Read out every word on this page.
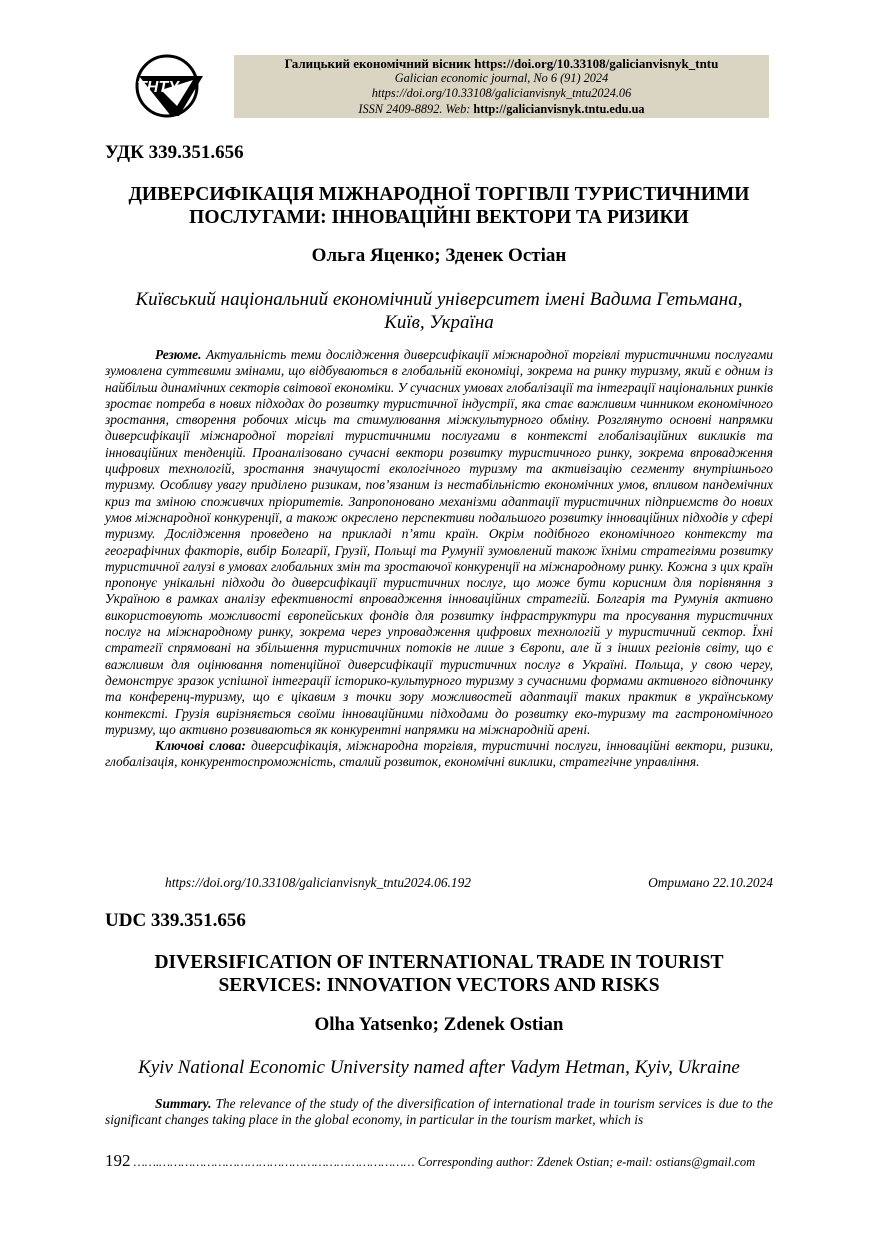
ТНТУ
Галицький економічний вісник https://doi.org/10.33108/galicianvisnyk_tntu
Galician economic journal, No 6 (91) 2024
https://doi.org/10.33108/galicianvisnyk_tntu2024.06
ISSN 2409-8892. Web: http://galicianvisnyk.tntu.edu.ua
УДК 339.351.656
ДИВЕРСИФІКАЦІЯ МІЖНАРОДНОЇ ТОРГІВЛІ ТУРИСТИЧНИМИ
ПОСЛУГАМИ: ІННОВАЦІЙНІ ВЕКТОРИ ТА РИЗИКИ
Ольга Яценко; Зденек Остіан
Київський національний економічний університет імені Вадима Гетьмана,
Київ, Україна

Резюме. Актуальність теми дослідження диверсифікації міжнародної торгівлі туристичними послугами зумовлена суттєвими змінами, що відбуваються в глобальній економіці, зокрема на ринку туризму, який є одним із найбільш динамічних секторів світової економіки. У сучасних умовах глобалізації та інтеграції національних ринків зростає потреба в нових підходах до розвитку туристичної індустрії, яка стає важливим чинником економічного зростання, створення робочих місць та стимулювання міжкультурного обміну. Розглянуто основні напрямки диверсифікації міжнародної торгівлі туристичними послугами в контексті глобалізаційних викликів та інноваційних тенденцій. Проаналізовано сучасні вектори розвитку туристичного ринку, зокрема впровадження цифрових технологій, зростання значущості екологічного туризму та активізацію сегменту внутрішнього туризму. Особливу увагу приділено ризикам, пов’язаним із нестабільністю економічних умов, впливом пандемічних криз та зміною споживчих пріоритетів. Запропоновано механізми адаптації туристичних підприємств до нових умов міжнародної конкуренції, а також окреслено перспективи подальшого розвитку інноваційних підходів у сфері туризму. Дослідження проведено на прикладі п’яти країн. Окрім подібного економічного контексту та географічних факторів, вибір Болгарії, Грузії, Польщі та Румунії зумовлений також їхніми стратегіями розвитку туристичної галузі в умовах глобальних змін та зростаючої конкуренції на міжнародному ринку. Кожна з цих країн пропонує унікальні підходи до диверсифікації туристичних послуг, що може бути корисним для порівняння з Україною в рамках аналізу ефективності впровадження інноваційних стратегій. Болгарія та Румунія активно використовують можливості європейських фондів для розвитку інфраструктури та просування туристичних послуг на міжнародному ринку, зокрема через упровадження цифрових технологій у туристичний сектор. Їхні стратегії спрямовані на збільшення туристичних потоків не лише з Європи, але й з інших регіонів світу, що є важливим для оцінювання потенційної диверсифікації туристичних послуг в Україні. Польща, у свою чергу, демонструє зразок успішної інтеграції історико-культурного туризму з сучасними формами активного відпочинку та конференц-туризму, що є цікавим з точки зору можливостей адаптації таких практик в українському контексті. Грузія вирізняється своїми інноваційними підходами до розвитку еко-туризму та гастрономічного туризму, що активно розвиваються як конкурентні напрямки на міжнародній арені.

Ключові слова: диверсифікація, міжнародна торгівля, туристичні послуги, інноваційні вектори, ризики, глобалізація, конкурентоспроможність, сталий розвиток, економічні виклики, стратегічне управління.

https://doi.org/10.33108/galicianvisnyk_tntu2024.06.192	Отримано 22.10.2024
UDC 339.351.656
DIVERSIFICATION OF INTERNATIONAL TRADE IN TOURIST
SERVICES: INNOVATION VECTORS AND RISKS
Olha Yatsenko; Zdenek Ostian
Kyiv National Economic University named after Vadym Hetman, Kyiv, Ukraine

Summary. The relevance of the study of the diversification of international trade in tourism services is due to the significant changes taking place in the global economy, in particular in the tourism market, which is

192 …….…………………………………………………………… Corresponding author: Zdenek Ostian; e-mail: ostians@gmail.com
